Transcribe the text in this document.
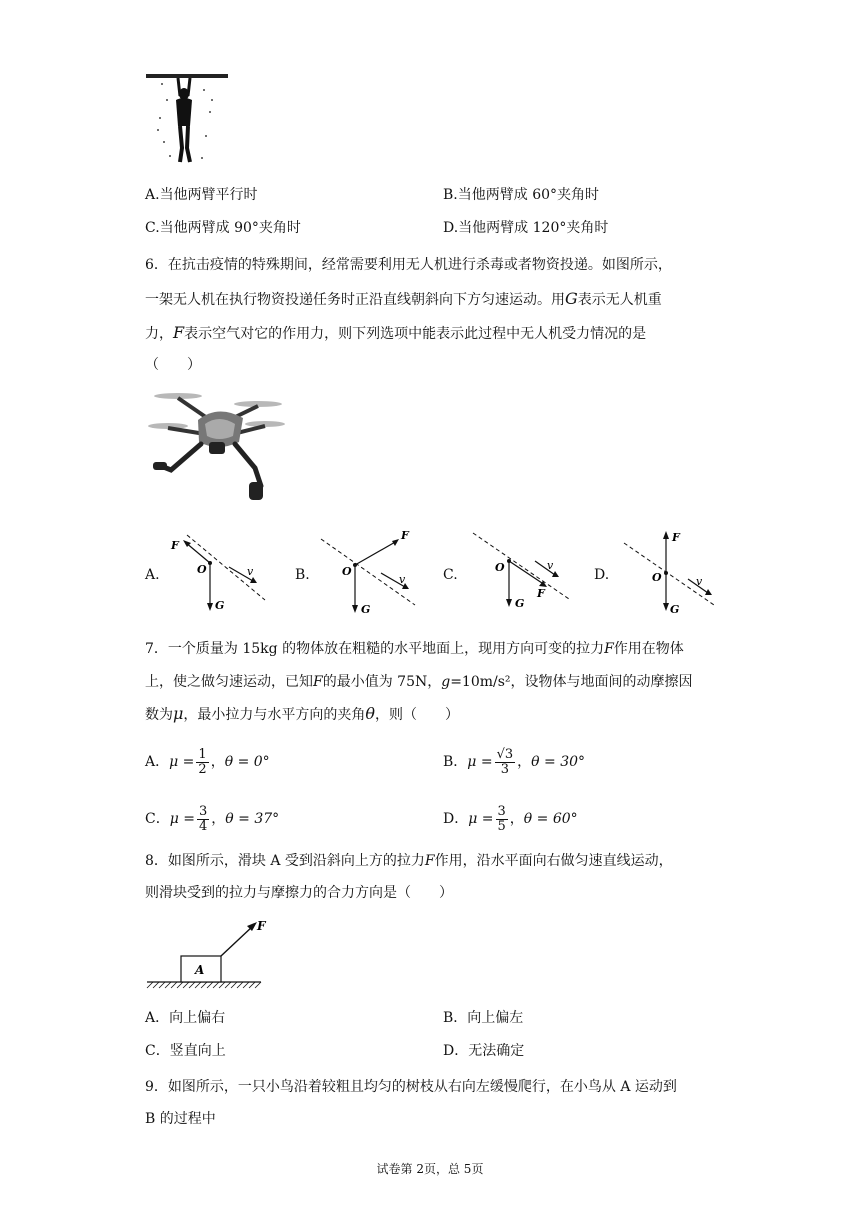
A.当他两臂平行时	B.当他两臂成 60°夹角时
C.当他两臂成 90°夹角时	D.当他两臂成 120°夹角时
6．在抗击疫情的特殊期间，经常需要利用无人机进行杀毒或者物资投递。如图所示，
一架无人机在执行物资投递任务时正沿直线朝斜向下方匀速运动。用G表示无人机重
力，F表示空气对它的作用力，则下列选项中能表示此过程中无人机受力情况的是
（　　）
A.
F
O
G
v	B.
F
O
G
v	C.	O
G
F
v
D.
F
O
G
v
7．一个质量为 15kg 的物体放在粗糙的水平地面上，现用方向可变的拉力F作用在物体
上，使之做匀速运动，已知F的最小值为 75N，g=10m/s²，设物体与地面间的动摩擦因
数为μ，最小拉力与水平方向的夹角θ，则（　　）
A．$\mu = \frac{1}{2}$ ，θ = 0°	B．$\mu = \frac{√3}{3}$ ，θ = 30°
C．$\mu = \frac{3}{4}$ ，θ = 37°	D．$\mu = \frac{3}{5}$ ，θ = 60°
8．如图所示，滑块 A 受到沿斜向上方的拉力F作用，沿水平面向右做匀速直线运动，
则滑块受到的拉力与摩擦力的合力方向是（　　）
A
F
A．向上偏右	B．向上偏左
C．竖直向上	D．无法确定
9．如图所示，一只小鸟沿着较粗且均匀的树枝从右向左缓慢爬行，在小鸟从 A 运动到
B 的过程中
试卷第 2页，总 5页
